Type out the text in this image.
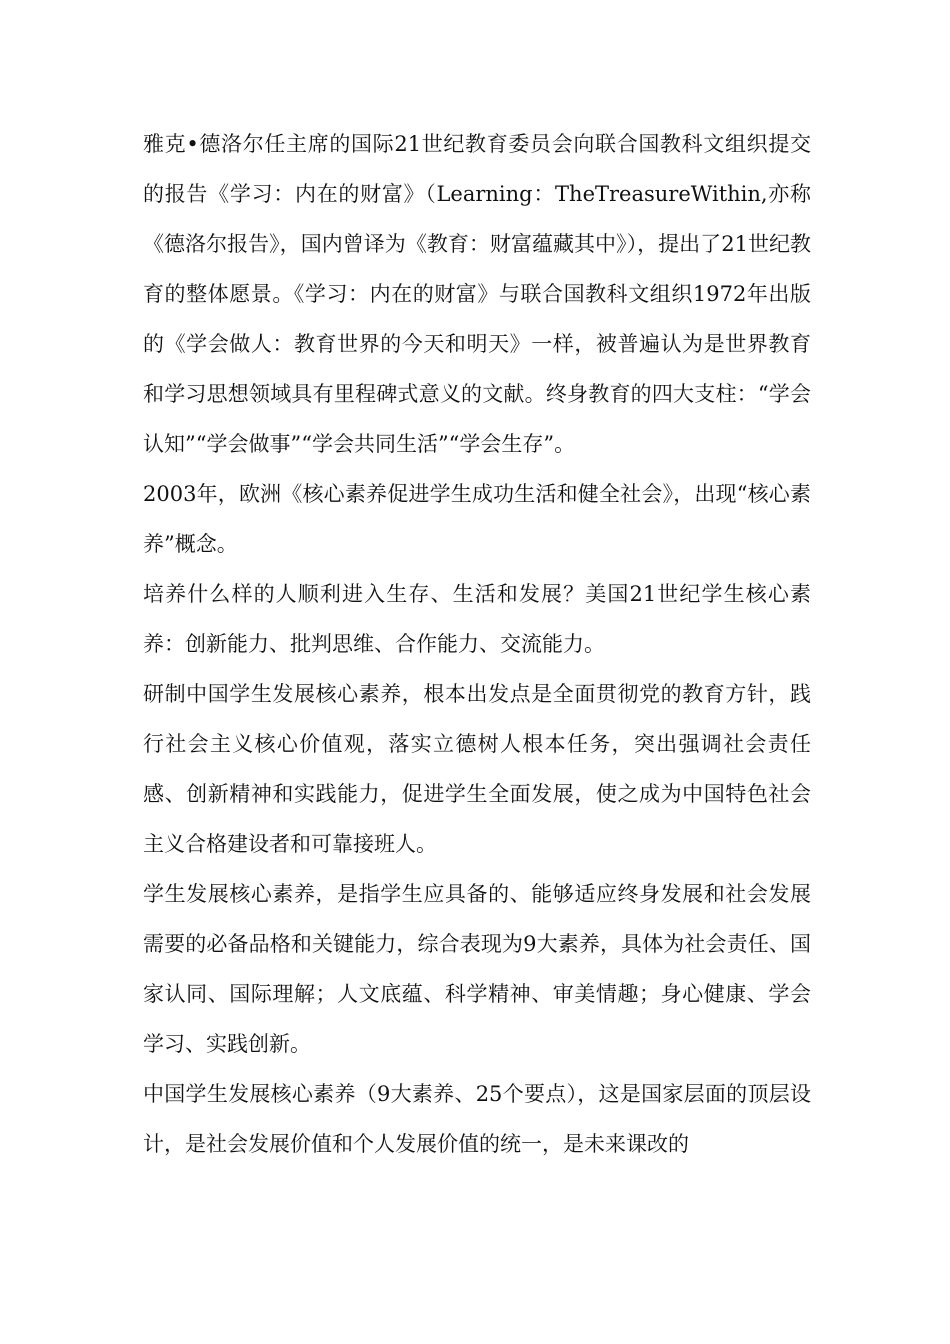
雅克•德洛尔任主席的国际21世纪教育委员会向联合国教科文组织提交的报告《学习：内在的财富》（Learning：TheTreasureWithin,亦称《德洛尔报告》，国内曾译为《教育：财富蕴藏其中》），提出了21世纪教育的整体愿景。《学习：内在的财富》与联合国教科文组织1972年出版的《学会做人：教育世界的今天和明天》一样，被普遍认为是世界教育和学习思想领域具有里程碑式意义的文献。终身教育的四大支柱：“学会认知”“学会做事”“学会共同生活”“学会生存”。

2003年，欧洲《核心素养促进学生成功生活和健全社会》，出现“核心素养”概念。

培养什么样的人顺利进入生存、生活和发展？美国21世纪学生核心素养：创新能力、批判思维、合作能力、交流能力。

研制中国学生发展核心素养，根本出发点是全面贯彻党的教育方针，践行社会主义核心价值观，落实立德树人根本任务，突出强调社会责任感、创新精神和实践能力，促进学生全面发展，使之成为中国特色社会主义合格建设者和可靠接班人。

学生发展核心素养，是指学生应具备的、能够适应终身发展和社会发展需要的必备品格和关键能力，综合表现为9大素养，具体为社会责任、国家认同、国际理解；人文底蕴、科学精神、审美情趣；身心健康、学会学习、实践创新。

中国学生发展核心素养（9大素养、25个要点），这是国家层面的顶层设计，是社会发展价值和个人发展价值的统一，是未来课改的
